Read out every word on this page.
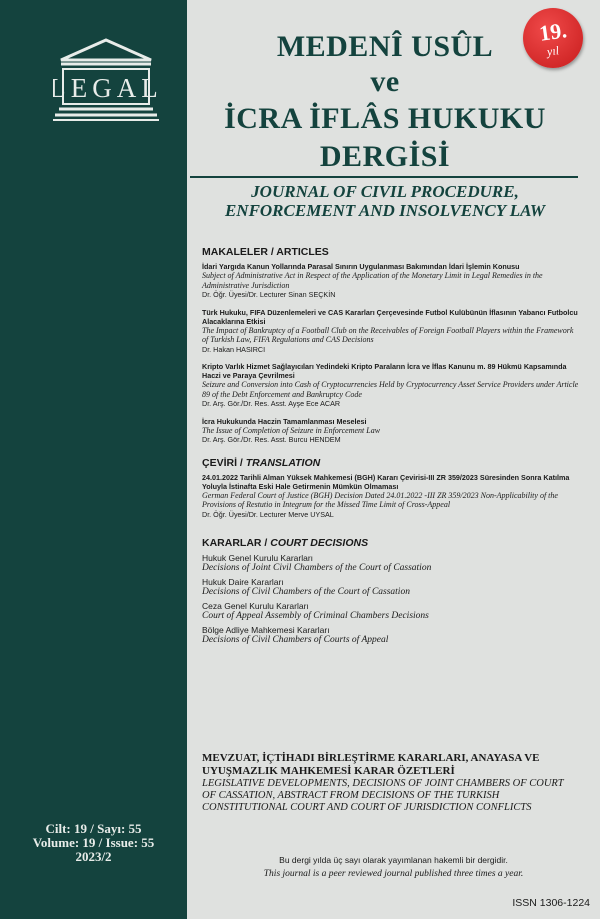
LEGAL
Cilt: 19 / Sayı: 55
Volume: 19 / Issue: 55
2023/2
19.
yıl
MEDENÎ USÛL
ve
İCRA İFLÂS HUKUKU
DERGİSİ
JOURNAL OF CIVIL PROCEDURE,
ENFORCEMENT AND INSOLVENCY LAW
MAKALELER / ARTICLES
İdari Yargıda Kanun Yollarında Parasal Sınırın Uygulanması Bakımından İdari İşlemin Konusu
Subject of Administrative Act in Respect of the Application of the Monetary Limit in Legal Remedies in the Administrative Jurisdiction
Dr. Öğr. Üyesi/Dr. Lecturer Sinan SEÇKİN
Türk Hukuku, FIFA Düzenlemeleri ve CAS Kararları Çerçevesinde Futbol Kulübünün İflasının Yabancı Futbolcu Alacaklarına Etkisi
The Impact of Bankruptcy of a Football Club on the Receivables of Foreign Football Players within the Framework of Turkish Law, FIFA Regulations and CAS Decisions
Dr. Hakan HASIRCI
Kripto Varlık Hizmet Sağlayıcıları Yedindeki Kripto Paraların İcra ve İflas Kanunu m. 89 Hükmü Kapsamında Haczi ve Paraya Çevrilmesi
Seizure and Conversion into Cash of Cryptocurrencies Held by Cryptocurrency Asset Service Providers under Article 89 of the Debt Enforcement and Bankruptcy Code
Dr. Arş. Gör./Dr. Res. Asst. Ayşe Ece ACAR
İcra Hukukunda Haczin Tamamlanması Meselesi
The Issue of Completion of Seizure in Enforcement Law
Dr. Arş. Gör./Dr. Res. Asst. Burcu HENDEM
ÇEVİRİ / TRANSLATION
24.01.2022 Tarihli Alman Yüksek Mahkemesi (BGH) Kararı Çevirisi-III ZR 359/2023 Süresinden Sonra Katılma Yoluyla İstinafta Eski Hale Getirmenin Mümkün Olmaması
German Federal Court of Justice (BGH) Decision Dated 24.01.2022 -III ZR 359/2023 Non-Applicability of the Provisions of Restutio in Integrum for the Missed Time Limit of Cross-Appeal
Dr. Öğr. Üyesi/Dr. Lecturer Merve UYSAL
KARARLAR / COURT DECISIONS
Hukuk Genel Kurulu Kararları
Decisions of Joint Civil Chambers of the Court of Cassation
Hukuk Daire Kararları
Decisions of Civil Chambers of the Court of Cassation
Ceza Genel Kurulu Kararları
Court of Appeal Assembly of Criminal Chambers Decisions
Bölge Adliye Mahkemesi Kararları
Decisions of Civil Chambers of Courts of Appeal
MEVZUAT, İÇTİHADI BİRLEŞTİRME KARARLARI, ANAYASA VE UYUŞMAZLIK MAHKEMESİ KARAR ÖZETLERİ
LEGISLATIVE DEVELOPMENTS, DECISIONS OF JOINT CHAMBERS OF COURT OF CASSATION, ABSTRACT FROM DECISIONS OF THE TURKISH CONSTITUTIONAL COURT AND COURT OF JURISDICTION CONFLICTS
Bu dergi yılda üç sayı olarak yayımlanan hakemli bir dergidir.
This journal is a peer reviewed journal published three times a year.
ISSN 1306-1224
